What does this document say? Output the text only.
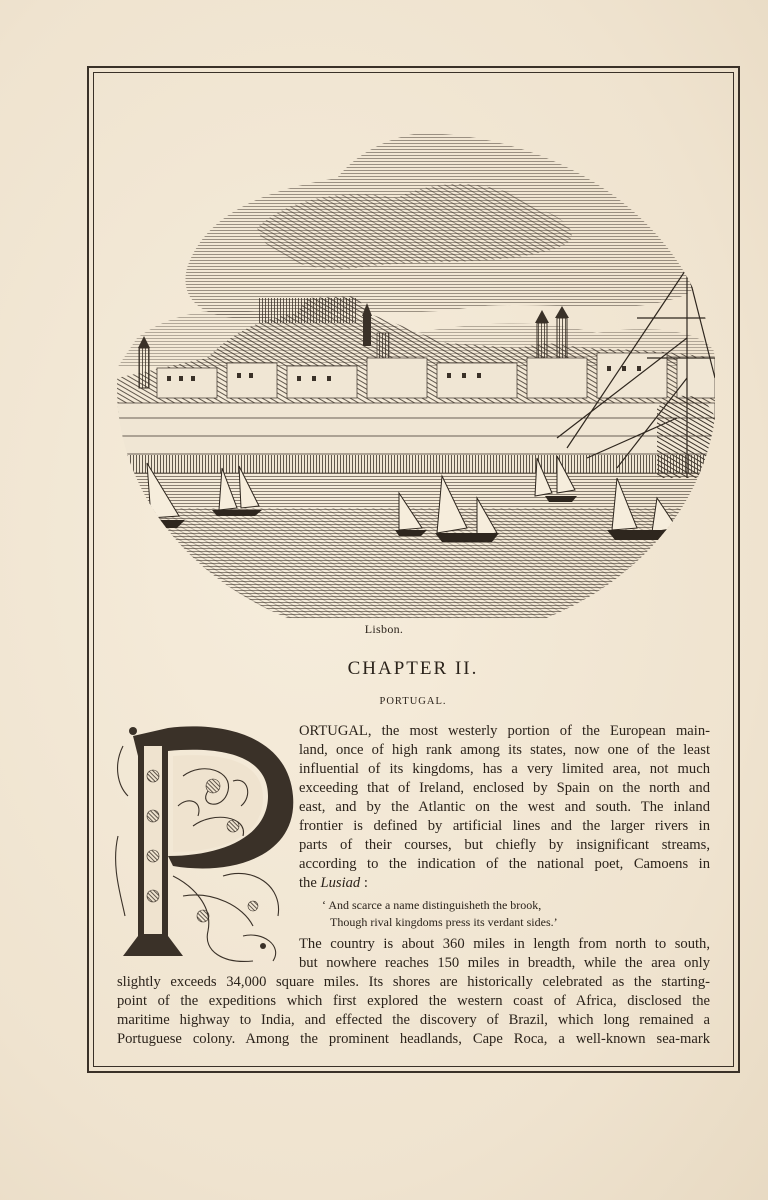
Lisbon.
CHAPTER II.
PORTUGAL.
ORTUGAL, the most westerly portion of the European main-
land, once of high rank among its states, now one of the least
influential of its kingdoms, has a very limited area, not much
exceeding that of Ireland, enclosed by Spain on the north and
east, and by the Atlantic on the west and south. The inland
frontier is defined by artificial lines and the larger rivers in
parts of their courses, but chiefly by insignificant streams,
according to the indication of the national poet, Camoens in
the Lusiad :
‘ And scarce a name distinguisheth the brook,
Though rival kingdoms press its verdant sides.’
The country is about 360 miles in length from north to south,
but nowhere reaches 150 miles in breadth, while the area only
slightly exceeds 34,000 square miles. Its shores are historically celebrated as the starting-
point of the expeditions which first explored the western coast of Africa, disclosed the
maritime highway to India, and effected the discovery of Brazil, which long remained a
Portuguese colony. Among the prominent headlands, Cape Roca, a well-known sea-mark
